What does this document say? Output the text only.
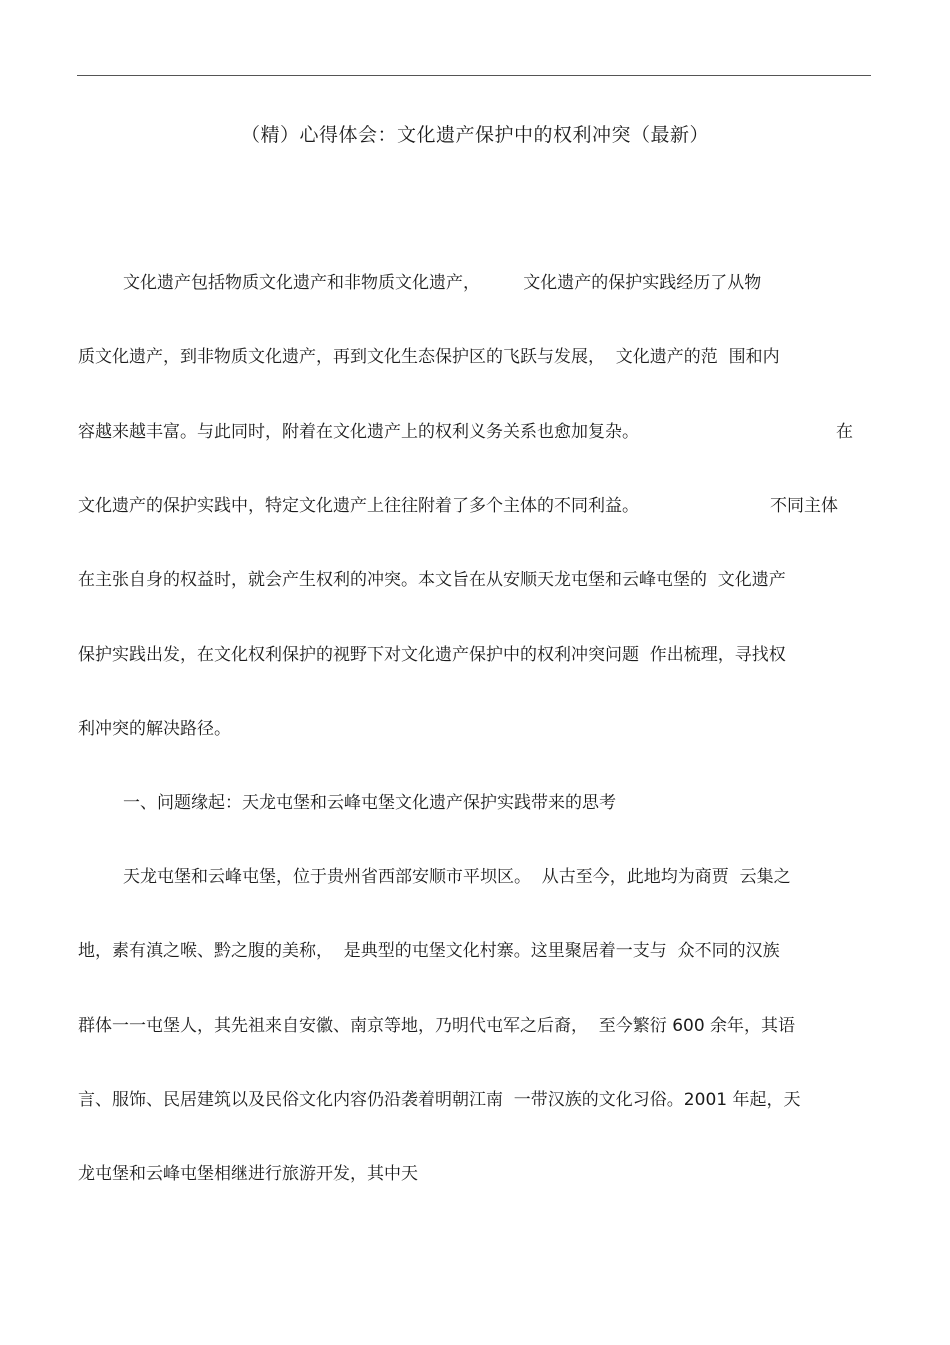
（精）心得体会：文化遗产保护中的权利冲突（最新）
文化遗产包括物质文化遗产和非物质文化遗产，        文化遗产的保护实践经历了从物
质文化遗产，到非物质文化遗产，再到文化生态保护区的飞跃与发展，  文化遗产的范  围和内
容越来越丰富。与此同时，附着在文化遗产上的权利义务关系也愈加复杂。	在
文化遗产的保护实践中，特定文化遗产上往往附着了多个主体的不同利益。	不同主体
在主张自身的权益时，就会产生权利的冲突。本文旨在从安顺天龙屯堡和云峰屯堡的  文化遗产
保护实践出发，在文化权利保护的视野下对文化遗产保护中的权利冲突问题  作出梳理，寻找权
利冲突的解决路径。
一、问题缘起：天龙屯堡和云峰屯堡文化遗产保护实践带来的思考
天龙屯堡和云峰屯堡，位于贵州省西部安顺市平坝区。  从古至今，此地均为商贾  云集之
地，素有滇之喉、黔之腹的美称，  是典型的屯堡文化村寨。这里聚居着一支与  众不同的汉族
群体一一屯堡人，其先祖来自安徽、南京等地，乃明代屯军之后裔，  至今繁衍 600 余年，其语
言、服饰、民居建筑以及民俗文化内容仍沿袭着明朝江南  一带汉族的文化习俗。2001 年起，天
龙屯堡和云峰屯堡相继进行旅游开发，其中天
